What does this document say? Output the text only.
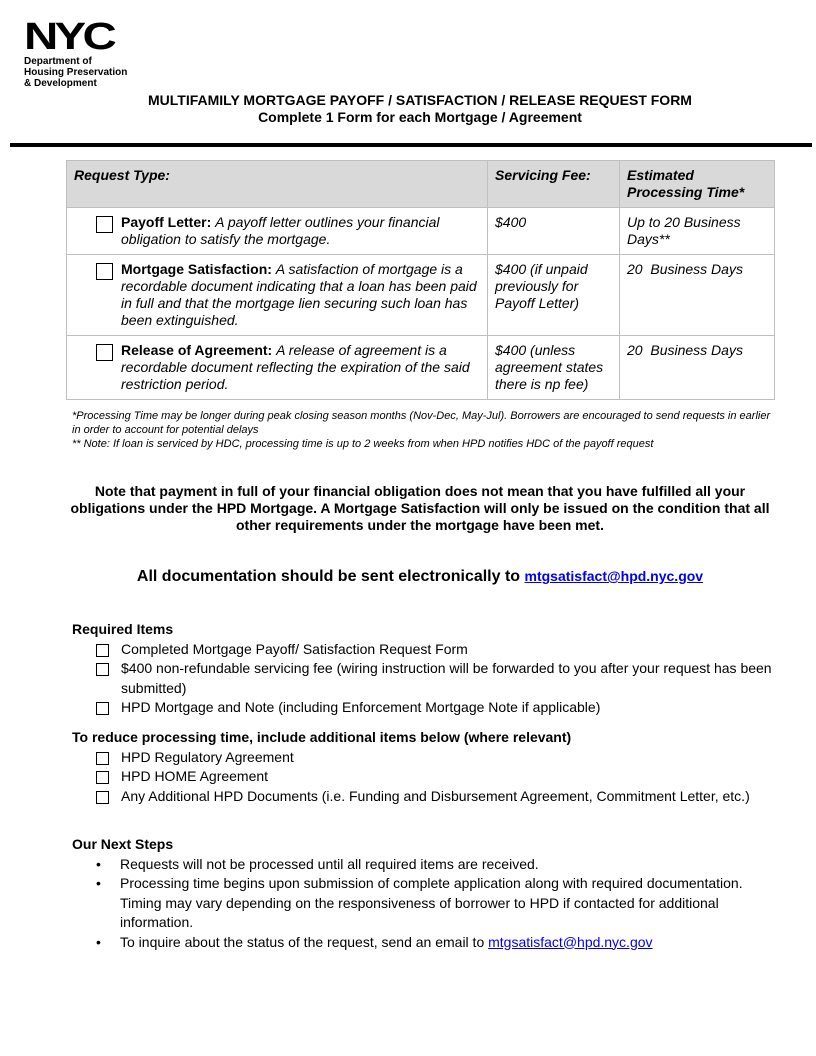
NYC
Department of
Housing Preservation
& Development
MULTIFAMILY MORTGAGE PAYOFF / SATISFACTION / RELEASE REQUEST FORM
Complete 1 Form for each Mortgage / Agreement
Request Type:	Servicing Fee:	Estimated Processing Time*

Payoff Letter: A payoff letter outlines your financial obligation to satisfy the mortgage.	$400	Up to 20 Business Days**

Mortgage Satisfaction: A satisfaction of mortgage is a recordable document indicating that a loan has been paid in full and that the mortgage lien securing such loan has been extinguished.	$400 (if unpaid previously for Payoff Letter)	20  Business Days

Release of Agreement: A release of agreement is a recordable document reflecting the expiration of the said restriction period.	$400 (unless agreement states there is np fee)	20  Business Days
*Processing Time may be longer during peak closing season months (Nov-Dec, May-Jul). Borrowers are encouraged to send requests in earlier in order to account for potential delays
** Note: If loan is serviced by HDC, processing time is up to 2 weeks from when HPD notifies HDC of the payoff request
Note that payment in full of your financial obligation does not mean that you have fulfilled all your obligations under the HPD Mortgage. A Mortgage Satisfaction will only be issued on the condition that all other requirements under the mortgage have been met.
All documentation should be sent electronically to mtgsatisfact@hpd.nyc.gov
Required Items
Completed Mortgage Payoff/ Satisfaction Request Form
$400 non-refundable servicing fee (wiring instruction will be forwarded to you after your request has been submitted)
HPD Mortgage and Note (including Enforcement Mortgage Note if applicable)
To reduce processing time, include additional items below (where relevant)
HPD Regulatory Agreement
HPD HOME Agreement
Any Additional HPD Documents (i.e. Funding and Disbursement Agreement, Commitment Letter, etc.)
Our Next Steps
•	Requests will not be processed until all required items are received.
•	Processing time begins upon submission of complete application along with required documentation. Timing may vary depending on the responsiveness of borrower to HPD if contacted for additional information.
•	To inquire about the status of the request, send an email to mtgsatisfact@hpd.nyc.gov
